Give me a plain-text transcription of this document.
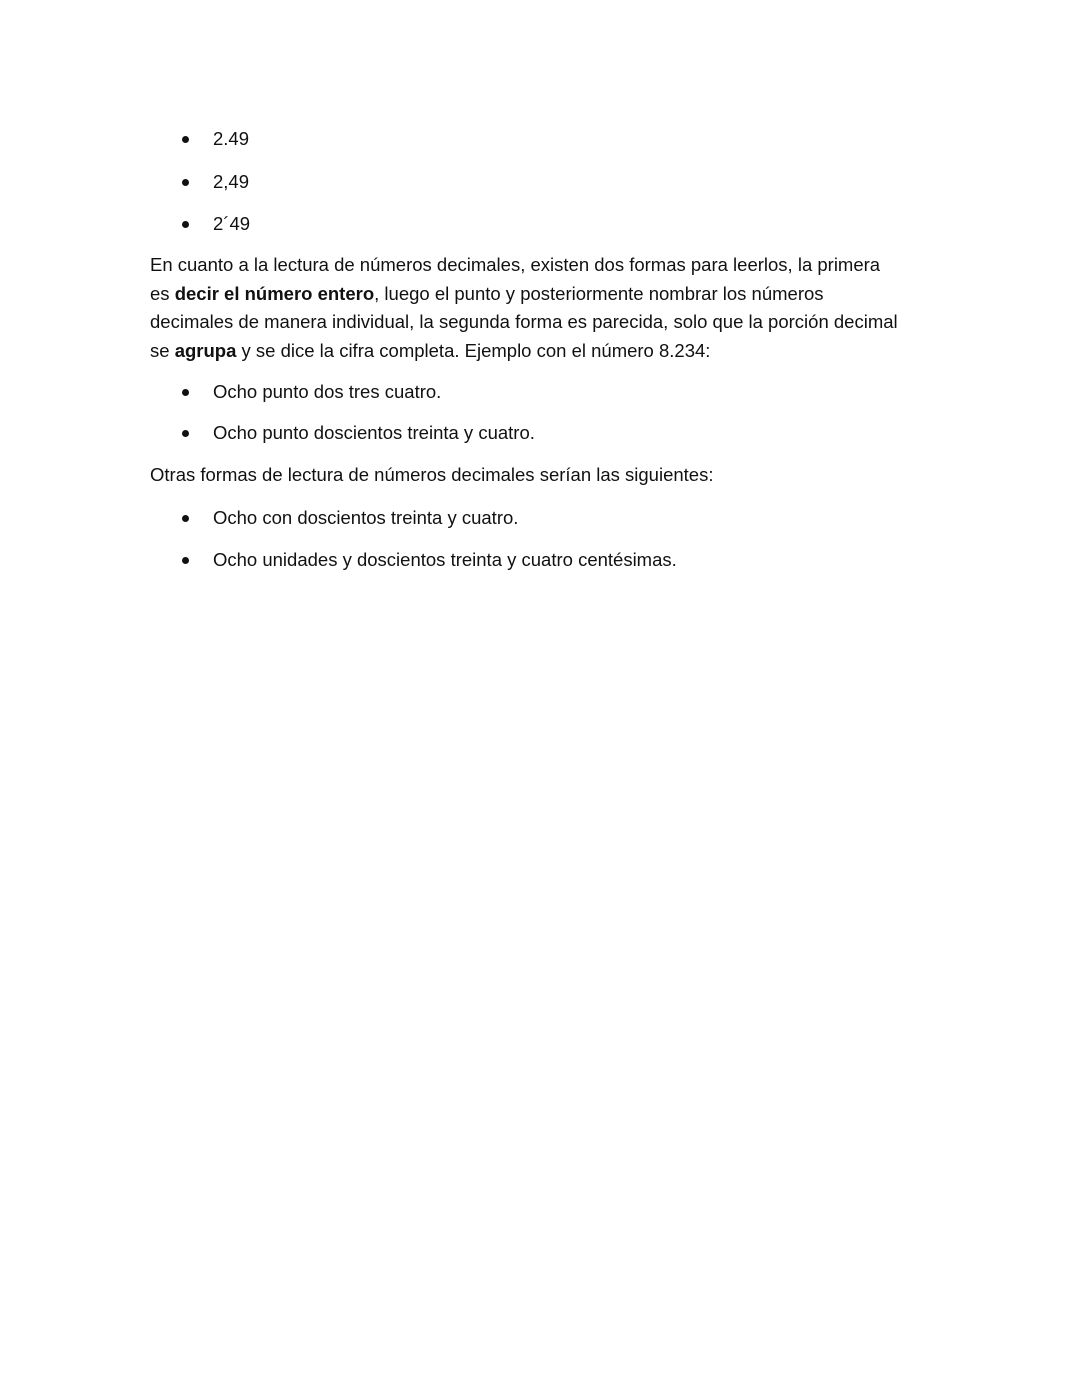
2.49
2,49
2´49

En cuanto a la lectura de números decimales, existen dos formas para leerlos, la primera
es decir el número entero, luego el punto y posteriormente nombrar los números
decimales de manera individual, la segunda forma es parecida, solo que la porción decimal
se agrupa y se dice la cifra completa. Ejemplo con el número 8.234:

Ocho punto dos tres cuatro.
Ocho punto doscientos treinta y cuatro.

Otras formas de lectura de números decimales serían las siguientes:

Ocho con doscientos treinta y cuatro.
Ocho unidades y doscientos treinta y cuatro centésimas.
